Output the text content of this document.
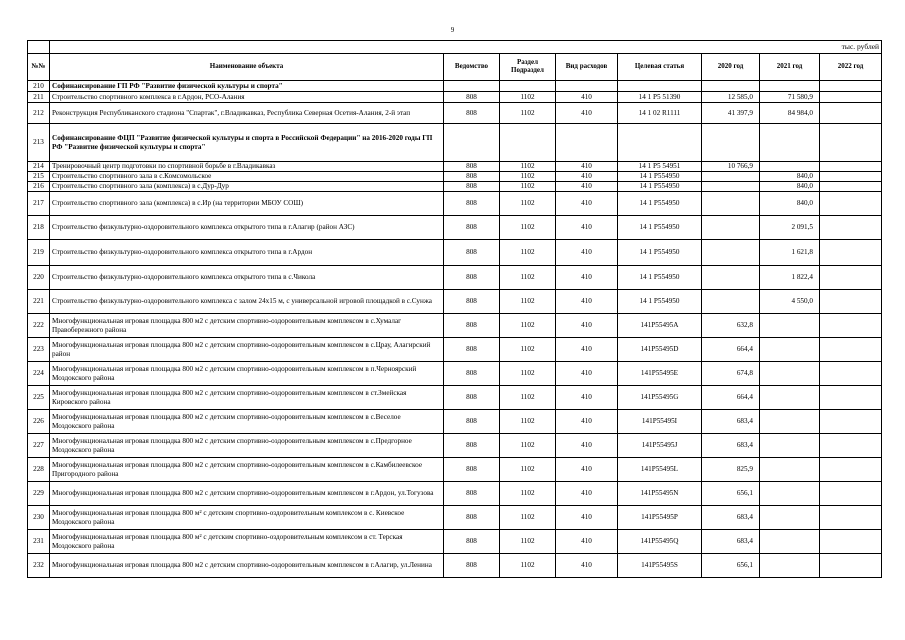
9
	тыс. рублей							
№№	Наименование объекта	Ведомство	Раздел Подраздел	Вид расходов	Целевая статья	2020 год	2021 год	2022 год
210	Софинансирование ГП РФ "Развитие физической культуры и спорта"							
211	Строительство спортивного комплекса в г.Ардон, РСО-Алания	808	1102	410	14 1 P5 51390	12 585,0	71 580,9	
212	Реконструкция Республиканского стадиона "Спартак", г.Владикавказ, Республика Северная Осетия-Алания, 2-й этап	808	1102	410	14 1 02 R1111	41 397,9	84 984,0	
213	Софинансирование ФЦП "Развитие физической культуры и спорта в Российской Федерации" на 2016-2020 годы ГП РФ "Развитие физической культуры и спорта"							
214	Тренировочный центр подготовки по спортивной борьбе в г.Владикавказ	808	1102	410	14 1 P5 54951	10 766,9		
215	Строительство спортивного зала в с.Комсомольское	808	1102	410	14 1 P554950		840,0	
216	Строительство спортивного зала (комплекса) в с.Дур-Дур	808	1102	410	14 1 P554950		840,0	
217	Строительство спортивного зала (комплекса) в с.Ир (на территории МБОУ СОШ)	808	1102	410	14 1 P554950		840,0	
218	Строительство физкультурно-оздоровительного комплекса открытого типа в г.Алагир (район АЗС)	808	1102	410	14 1 P554950		2 091,5	
219	Строительство физкультурно-оздоровительного комплекса открытого типа в г.Ардон	808	1102	410	14 1 P554950		1 621,8	
220	Строительство физкультурно-оздоровительного комплекса открытого типа в с.Чикола	808	1102	410	14 1 P554950		1 822,4	
221	Строительство физкультурно-оздоровительного комплекса с залом 24х15 м, с универсальной игровой площадкой в с.Сунжа	808	1102	410	14 1 P554950		4 550,0	
222	Многофункциональная игровая площадка 800 м2 с детским спортивно-оздоровительным комплексом в с.Хумалаг Правобережного района	808	1102	410	141P55495A	632,8		
223	Многофункциональная игровая площадка 800 м2 с детским спортивно-оздоровительным комплексом в с.Црау, Алагирский район	808	1102	410	141P55495D	664,4		
224	Многофункциональная игровая площадка 800 м2 с детским спортивно-оздоровительным комплексом в п.Черноярский Моздокского района	808	1102	410	141P55495E	674,8		
225	Многофункциональная игровая площадка 800 м2 с детским спортивно-оздоровительным комплексом в ст.Змейская Кировского района	808	1102	410	141P55495G	664,4		
226	Многофункциональная игровая площадка 800 м2 с детским спортивно-оздоровительным комплексом в с.Веселое Моздокского района	808	1102	410	141P55495I	683,4		
227	Многофункциональная игровая площадка 800 м2 с детским спортивно-оздоровительным комплексом в с.Предгорное Моздокского района	808	1102	410	141P55495J	683,4		
228	Многофункциональная игровая площадка 800 м2 с детским спортивно-оздоровительным комплексом в с.Камбилеевское Пригородного района	808	1102	410	141P55495L	825,9		
229	Многофункциональная игровая площадка 800 м2 с детским спортивно-оздоровительным комплексом в г.Ардон, ул.Тогузова	808	1102	410	141P55495N	656,1		
230	Многофункциональная игровая площадка 800 м² с детским спортивно-оздоровительным комплексом в с. Киевское Моздокского района	808	1102	410	141P55495P	683,4		
231	Многофункциональная игровая площадка 800 м² с детским спортивно-оздоровительным комплексом в ст. Терская Моздокского района	808	1102	410	141P55495Q	683,4		
232	Многофункциональная игровая площадка 800 м2 с детским спортивно-оздоровительным комплексом в г.Алагир, ул.Ленина	808	1102	410	141P55495S	656,1		
